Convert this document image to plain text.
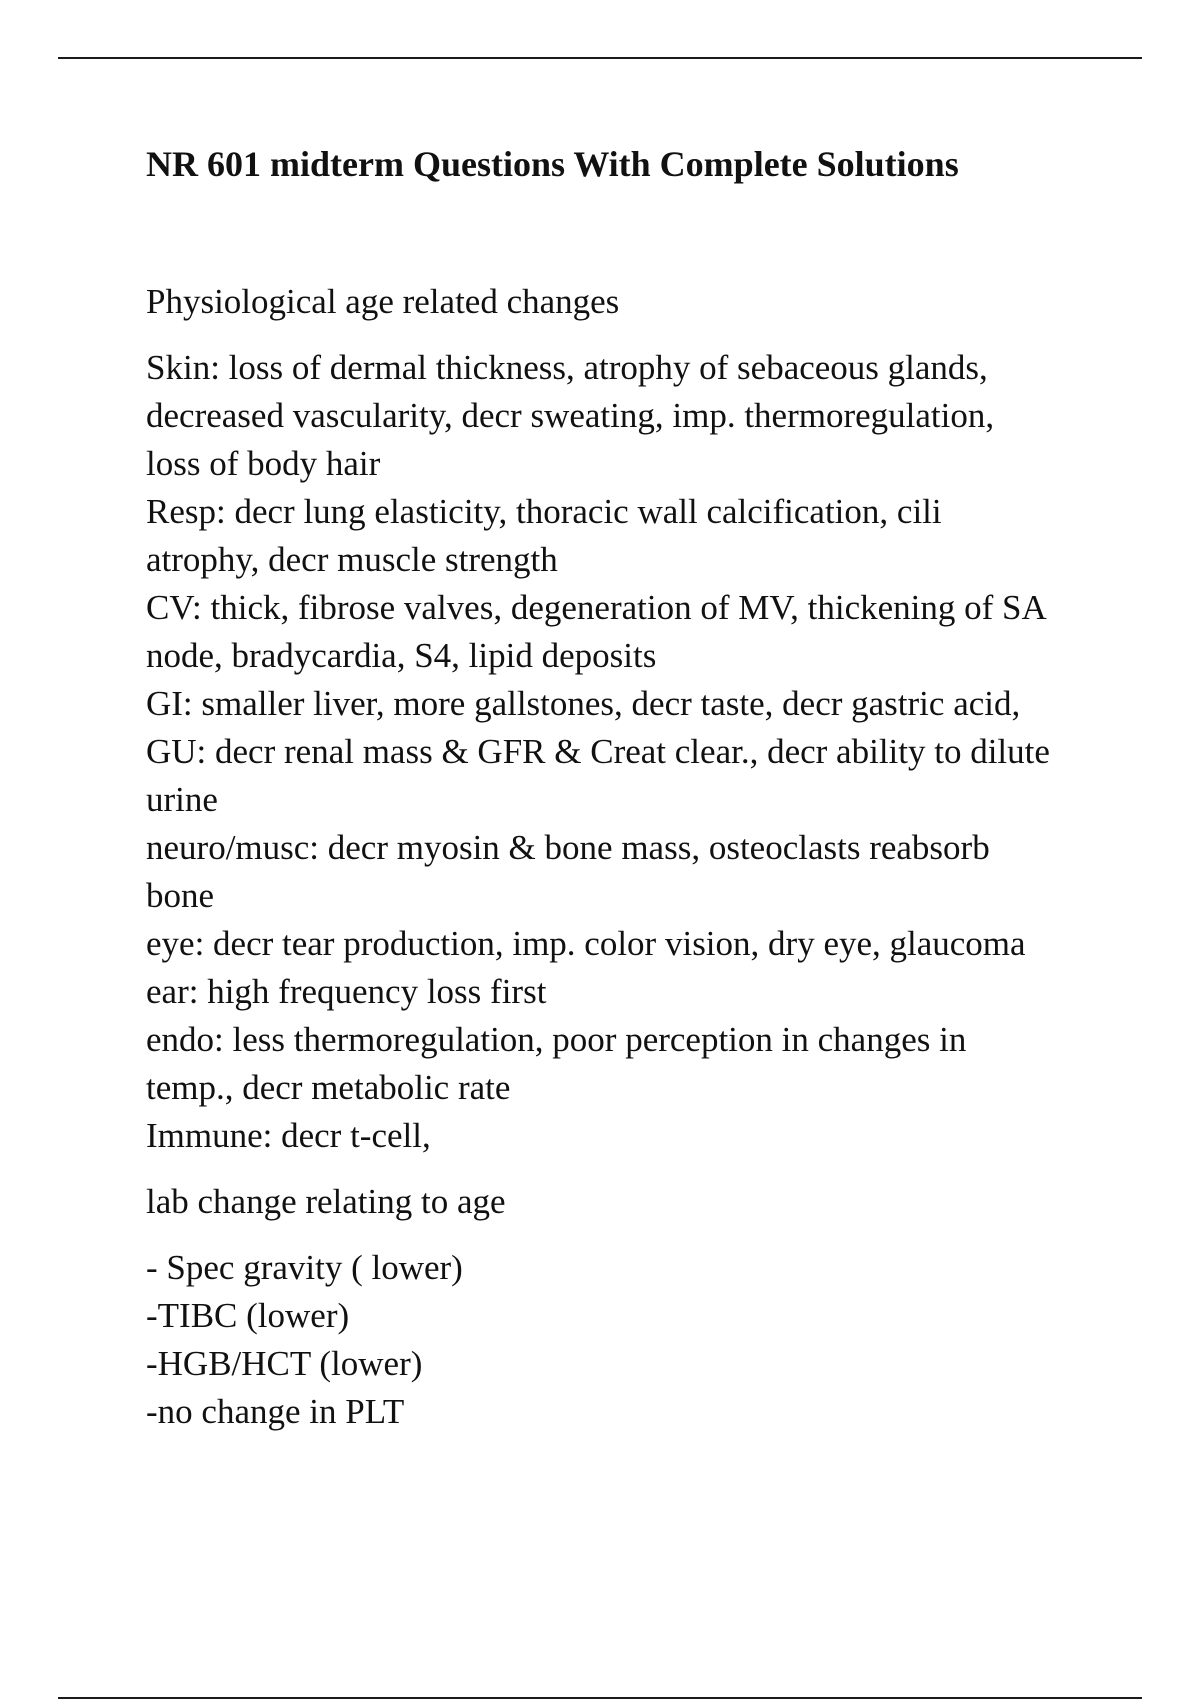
NR 601 midterm Questions With Complete Solutions

Physiological age related changes

Skin: loss of dermal thickness, atrophy of sebaceous glands,
decreased vascularity, decr sweating, imp. thermoregulation,
loss of body hair
Resp: decr lung elasticity, thoracic wall calcification, cili
atrophy, decr muscle strength
CV: thick, fibrose valves, degeneration of MV, thickening of SA
node, bradycardia, S4, lipid deposits
GI: smaller liver, more gallstones, decr taste, decr gastric acid,
GU: decr renal mass & GFR & Creat clear., decr ability to dilute
urine
neuro/musc: decr myosin & bone mass, osteoclasts reabsorb
bone
eye: decr tear production, imp. color vision, dry eye, glaucoma
ear: high frequency loss first
endo: less thermoregulation, poor perception in changes in
temp., decr metabolic rate
Immune: decr t-cell,

lab change relating to age

- Spec gravity ( lower)
-TIBC (lower)
-HGB/HCT (lower)
-no change in PLT
